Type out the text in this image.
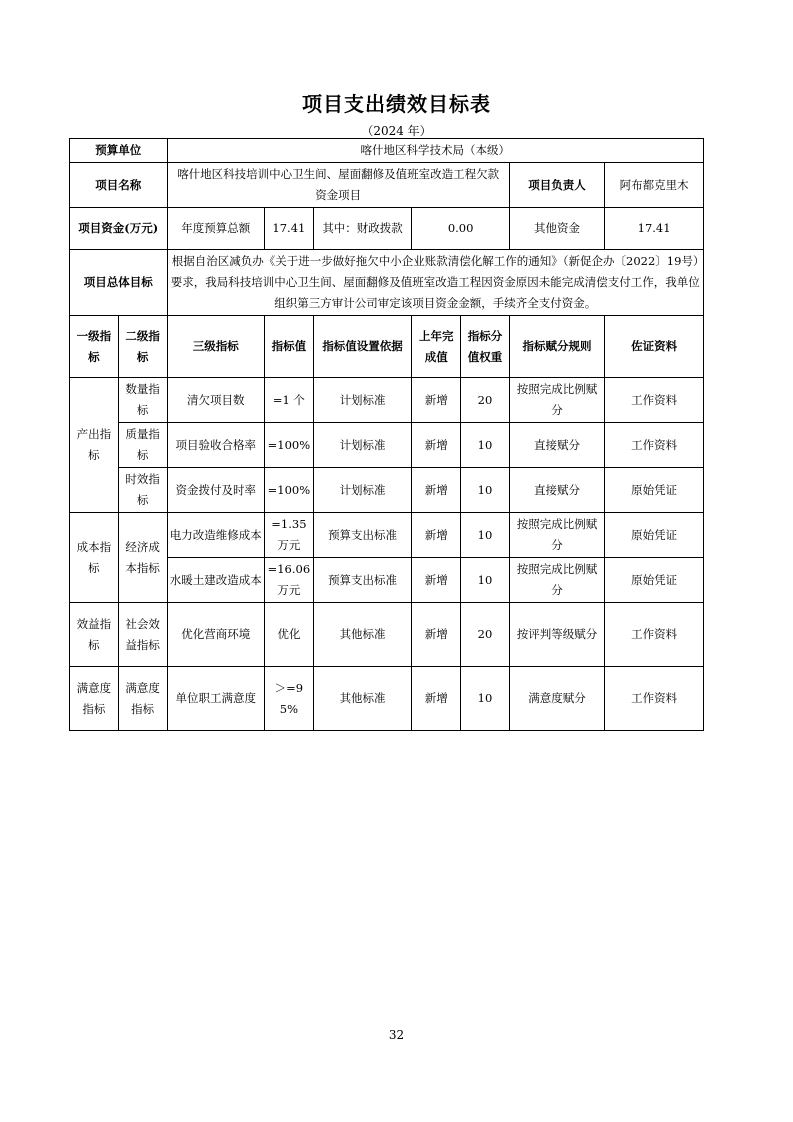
项目支出绩效目标表
（2024 年）
预算单位		喀什地区科学技术局（本级）						
项目名称		喀什地区科技培训中心卫生间、屋面翻修及值班室改造工程欠款资金项目					项目负责人	阿布都克里木
项目资金(万元)		年度预算总额	17.41	其中：财政拨款	0.00		其他资金	17.41
项目总体目标		根据自治区减负办《关于进一步做好拖欠中小企业账款清偿化解工作的通知》（新促企办〔2022〕19号）要求，我局科技培训中心卫生间、屋面翻修及值班室改造工程因资金原因未能完成清偿支付工作，我单位组织第三方审计公司审定该项目资金金额，手续齐全支付资金。						
一级指标	二级指标	三级指标	指标值	指标值设置依据	上年完成值	指标分值权重	指标赋分规则	佐证资料
产出指标	数量指标	清欠项目数	=1 个	计划标准	新增	20	按照完成比例赋分	工作资料
	质量指标	项目验收合格率	=100%	计划标准	新增	10	直接赋分	工作资料
	时效指标	资金拨付及时率	=100%	计划标准	新增	10	直接赋分	原始凭证
成本指标	经济成本指标	电力改造维修成本	=1.35万元	预算支出标准	新增	10	按照完成比例赋分	原始凭证
		水暖土建改造成本	=16.06 万元	预算支出标准	新增	10	按照完成比例赋分	原始凭证
效益指标	社会效益指标	优化营商环境	优化	其他标准	新增	20	按评判等级赋分	工作资料
满意度指标	满意度指标	单位职工满意度	＞=95%	其他标准	新增	10	满意度赋分	工作资料
32
